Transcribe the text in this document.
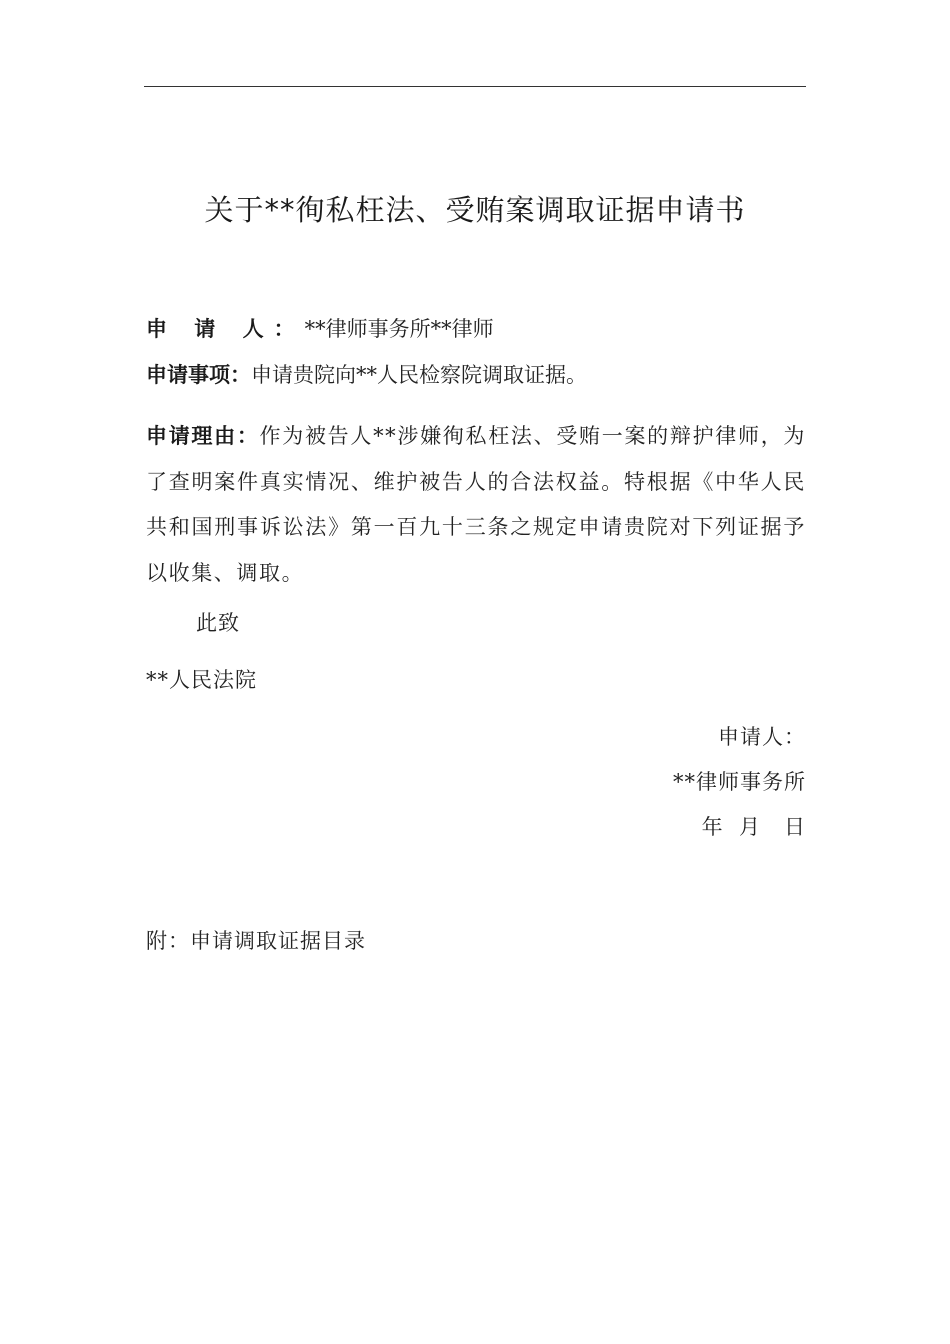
关于**徇私枉法、受贿案调取证据申请书
申 请 人：**律师事务所**律师
申请事项：申请贵院向**人民检察院调取证据。
申请理由：作为被告人**涉嫌徇私枉法、受贿一案的辩护律师，为了查明案件真实情况、维护被告人的合法权益。特根据《中华人民共和国刑事诉讼法》第一百九十三条之规定申请贵院对下列证据予以收集、调取。
此致
**人民法院
申请人：
**律师事务所
年  月   日
附：申请调取证据目录
